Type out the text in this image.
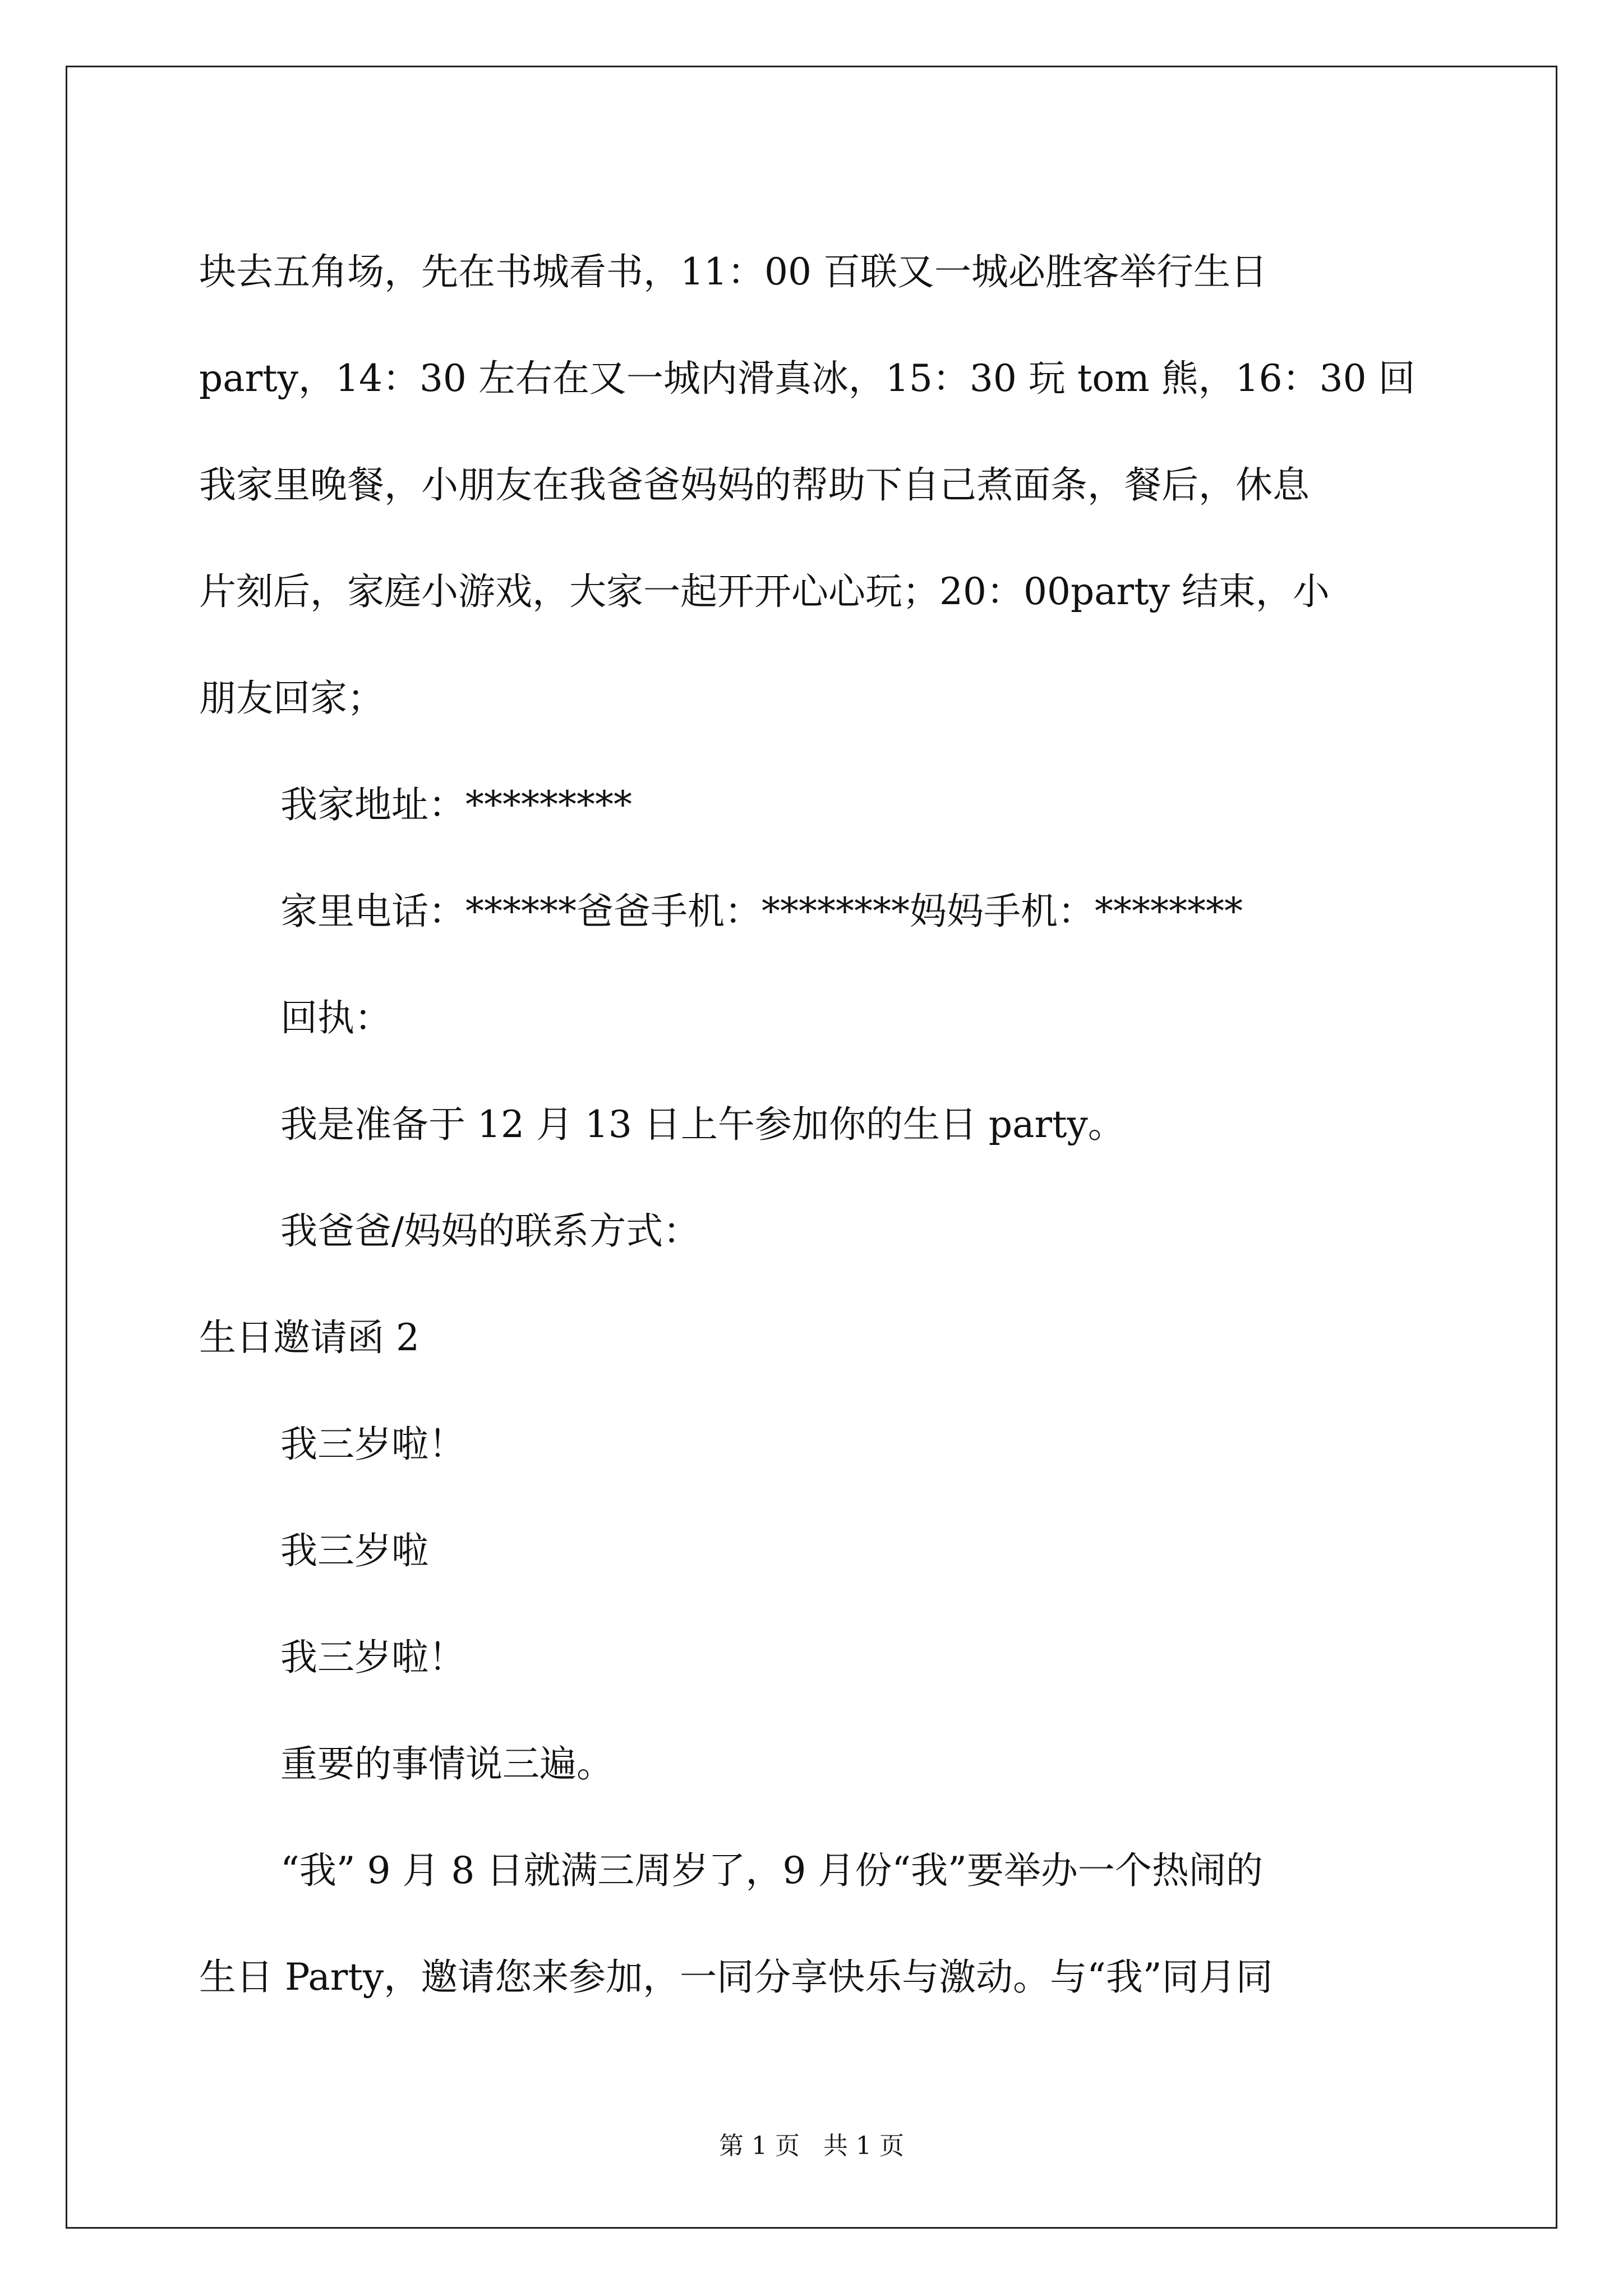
块去五角场，先在书城看书，11：00 百联又一城必胜客举行生日
party，14：30 左右在又一城内滑真冰，15：30 玩 tom 熊，16：30 回
我家里晚餐，小朋友在我爸爸妈妈的帮助下自己煮面条，餐后，休息
片刻后，家庭小游戏，大家一起开开心心玩；20：00party 结束，小
朋友回家；
我家地址：*********
家里电话：******爸爸手机：********妈妈手机：********
回执：
我是准备于 12 月 13 日上午参加你的生日 party。
我爸爸/妈妈的联系方式：
生日邀请函 2
我三岁啦！
我三岁啦
我三岁啦！
重要的事情说三遍。
“我” 9 月 8 日就满三周岁了，9 月份“我”要举办一个热闹的
生日 Party，邀请您来参加，一同分享快乐与激动。与“我”同月同
第 1 页   共 1 页
